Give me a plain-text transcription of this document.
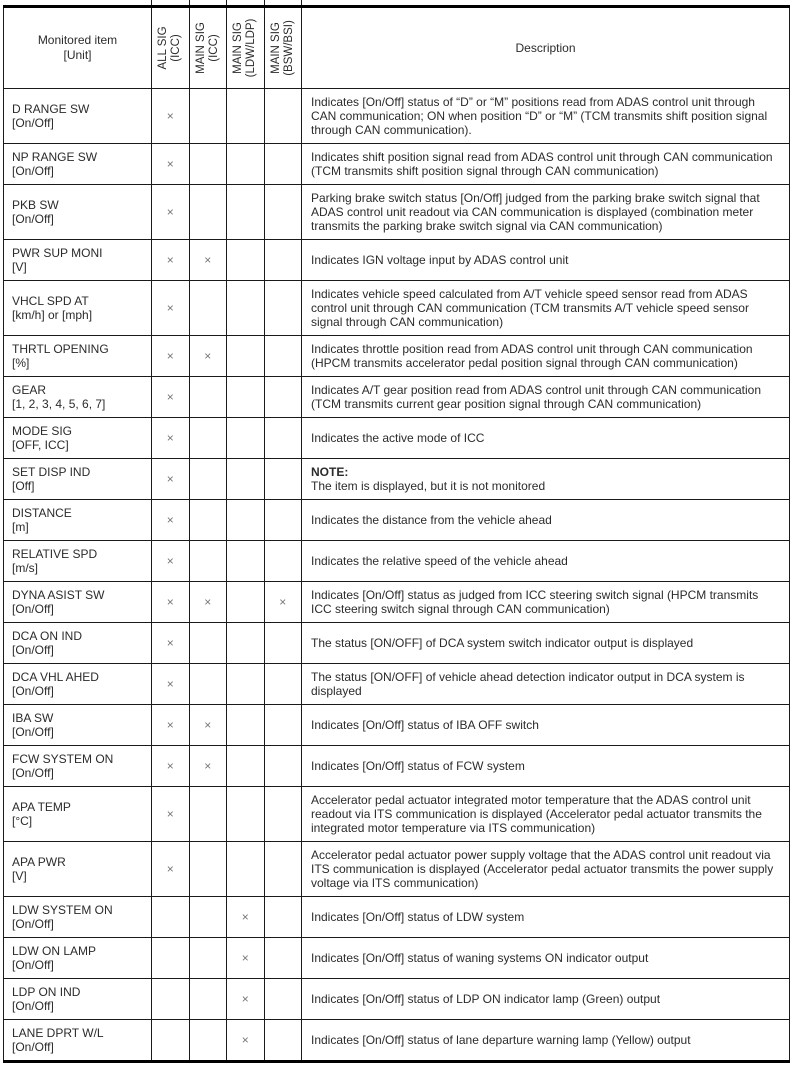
Monitored item
[Unit]	ALL SIG (ICC)	MAIN SIG (ICC)	MAIN SIG (LDW/LDP)	MAIN SIG (BSW/BSI)	Description

D RANGE SW
[On/Off]	×				Indicates [On/Off] status of “D” or “M” positions read from ADAS control unit through CAN communication; ON when position “D” or “M” (TCM transmits shift position signal through CAN communication).

NP RANGE SW
[On/Off]	×				Indicates shift position signal read from ADAS control unit through CAN communication (TCM transmits shift position signal through CAN communication)

PKB SW
[On/Off]	×				Parking brake switch status [On/Off] judged from the parking brake switch signal that ADAS control unit readout via CAN communication is displayed (combination meter transmits the parking brake switch signal via CAN communication)

PWR SUP MONI
[V]	×	×			Indicates IGN voltage input by ADAS control unit

VHCL SPD AT
[km/h] or [mph]	×				Indicates vehicle speed calculated from A/T vehicle speed sensor read from ADAS control unit through CAN communication (TCM transmits A/T vehicle speed sensor signal through CAN communication)

THRTL OPENING
[%]	×	×			Indicates throttle position read from ADAS control unit through CAN communication (HPCM transmits accelerator pedal position signal through CAN communication)

GEAR
[1, 2, 3, 4, 5, 6, 7]	×				Indicates A/T gear position read from ADAS control unit through CAN communication (TCM transmits current gear position signal through CAN communication)

MODE SIG
[OFF, ICC]	×				Indicates the active mode of ICC

SET DISP IND
[Off]	×				NOTE:
The item is displayed, but it is not monitored

DISTANCE
[m]	×				Indicates the distance from the vehicle ahead

RELATIVE SPD
[m/s]	×				Indicates the relative speed of the vehicle ahead

DYNA ASIST SW
[On/Off]	×	×		×	Indicates [On/Off] status as judged from ICC steering switch signal (HPCM transmits ICC steering switch signal through CAN communication)

DCA ON IND
[On/Off]	×				The status [ON/OFF] of DCA system switch indicator output is displayed

DCA VHL AHED
[On/Off]	×				The status [ON/OFF] of vehicle ahead detection indicator output in DCA system is displayed

IBA SW
[On/Off]	×	×			Indicates [On/Off] status of IBA OFF switch

FCW SYSTEM ON
[On/Off]	×	×			Indicates [On/Off] status of FCW system

APA TEMP
[°C]	×				Accelerator pedal actuator integrated motor temperature that the ADAS control unit readout via ITS communication is displayed (Accelerator pedal actuator transmits the integrated motor temperature via ITS communication)

APA PWR
[V]	×				Accelerator pedal actuator power supply voltage that the ADAS control unit readout via ITS communication is displayed (Accelerator pedal actuator transmits the power supply voltage via ITS communication)

LDW SYSTEM ON
[On/Off]			×		Indicates [On/Off] status of LDW system

LDW ON LAMP
[On/Off]			×		Indicates [On/Off] status of waning systems ON indicator output

LDP ON IND
[On/Off]			×		Indicates [On/Off] status of LDP ON indicator lamp (Green) output

LANE DPRT W/L
[On/Off]			×		Indicates [On/Off] status of lane departure warning lamp (Yellow) output
